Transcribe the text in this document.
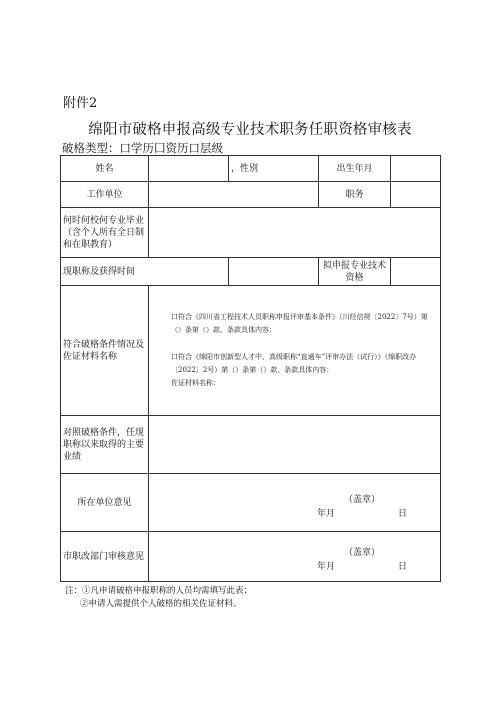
附件2
绵阳市破格申报高级专业技术职务任职资格审核表
破格类型：口学历囗资历口层级
姓名		，性别	出生年月	
工作单位			职务	
何时何校何专业毕业（含个人所有全日制和在职教育）				
现职称及获得时间			拟申报专业技术资格	
符合破格条件情况及佐证材料名称	口符合《四川省工程技术人员职称申报评审基本条件》（川经信规〔2022〕7号）第（）条第（）款、条款具体内容：

口符合《绵阳市创新型人才中、高级职称“直通车”评审办法（试行）》（绵职改办〔2022〕2号）第（）条第（）款、条款具体内容：

佐证材料名称：			

对照破格条件，任现职称以来取得的主要业绩				
所在单位意见	（盖章）
年月 日			

市职改部门审核意见	（盖章）
年月 日			
注：①凡申请破格申报职称的人员均需填写此表；
②申请人需提供个人破格的相关佐证材料。
